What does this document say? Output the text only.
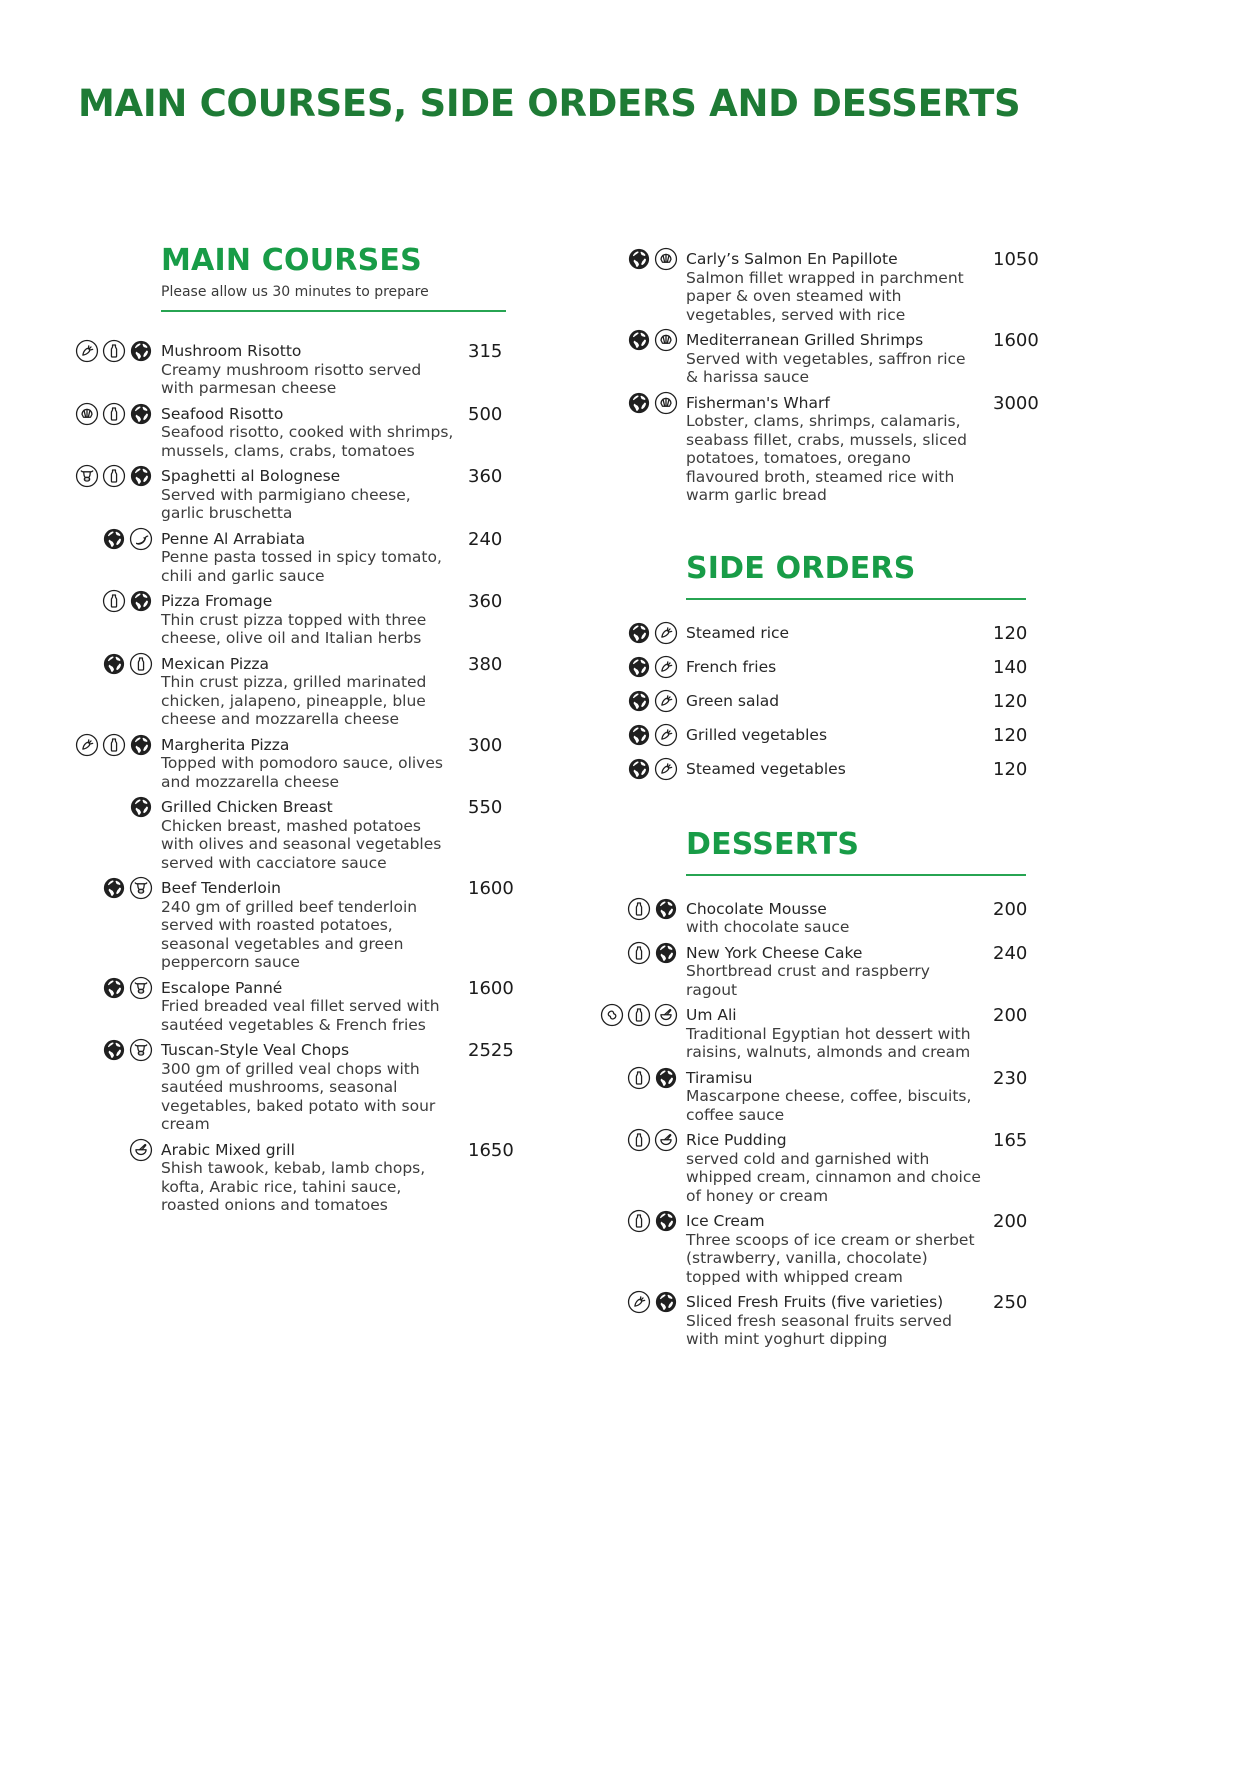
MAIN COURSES, SIDE ORDERS AND DESSERTS
MAIN COURSES

Please allow us 30 minutes to prepare

Mushroom Risotto
Creamy mushroom risotto served with parmesan cheese
315
Seafood Risotto
Seafood risotto, cooked with shrimps, mussels, clams, crabs, tomatoes
500
Spaghetti al Bolognese
Served with parmigiano cheese, garlic bruschetta
360
Penne Al Arrabiata
Penne pasta tossed in spicy tomato, chili and garlic sauce
240
Pizza Fromage
Thin crust pizza topped with three cheese, olive oil and Italian herbs
360
Mexican Pizza
Thin crust pizza, grilled marinated chicken, jalapeno, pineapple, blue cheese and mozzarella cheese
380
Margherita Pizza
Topped with pomodoro sauce, olives and mozzarella cheese
300
Grilled Chicken Breast
Chicken breast, mashed potatoes with olives and seasonal vegetables served with cacciatore sauce
550
Beef Tenderloin
240 gm of grilled beef tenderloin served with roasted potatoes, seasonal vegetables and green peppercorn sauce
1600
Escalope Panné
Fried breaded veal fillet served with sautéed vegetables & French fries
1600
Tuscan-Style Veal Chops
300 gm of grilled veal chops with sautéed mushrooms, seasonal vegetables, baked potato with sour cream
2525
Arabic Mixed grill
Shish tawook, kebab, lamb chops, kofta, Arabic rice, tahini sauce, roasted onions and tomatoes
1650
Carly’s Salmon En Papillote
Salmon fillet wrapped in parchment paper & oven steamed with vegetables, served with rice
1050
Mediterranean Grilled Shrimps
Served with vegetables, saffron rice & harissa sauce
1600
Fisherman's Wharf
Lobster, clams, shrimps, calamaris, seabass fillet, crabs, mussels, sliced potatoes, tomatoes, oregano flavoured broth, steamed rice with warm garlic bread
3000
SIDE ORDERS
Steamed rice	120
French fries	140
Green salad	120
Grilled vegetables	120
Steamed vegetables	120
DESSERTS
Chocolate Mousse
with chocolate sauce
200
New York Cheese Cake
Shortbread crust and raspberry ragout
240
Um Ali
Traditional Egyptian hot dessert with raisins, walnuts, almonds and cream
200
Tiramisu
Mascarpone cheese, coffee, biscuits, coffee sauce
230
Rice Pudding
served cold and garnished with whipped cream, cinnamon and choice of honey or cream
165
Ice Cream
Three scoops of ice cream or sherbet (strawberry, vanilla, chocolate) topped with whipped cream
200
Sliced Fresh Fruits (five varieties)
Sliced fresh seasonal fruits served with mint yoghurt dipping
250
